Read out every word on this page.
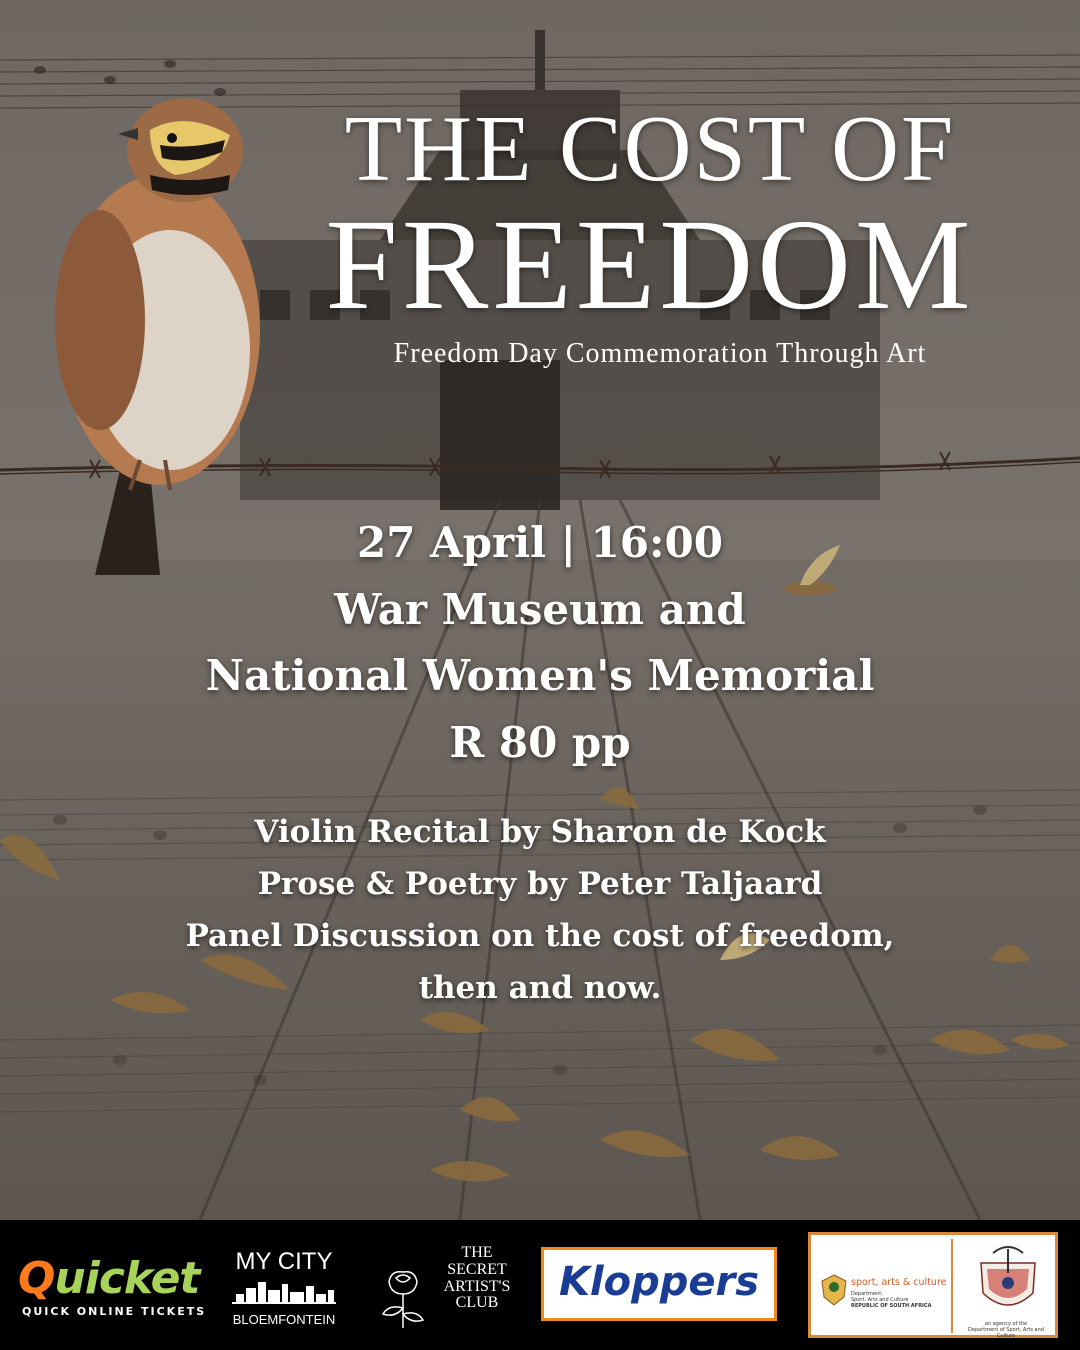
THE COST OF
FREEDOM
Freedom Day Commemoration Through Art
27 April | 16:00
War Museum and
National Women's Memorial
R 80 pp
Violin Recital by Sharon de Kock
Prose & Poetry by Peter Taljaard
Panel Discussion on the cost of freedom,
then and now.
Quicket
QUICK ONLINE TICKETS
MY CITY
BLOEMFONTEIN
THE
SECRET
ARTIST'S
CLUB	Kloppers	sport, arts & culture
Department:
Sport, Arts and Culture
REPUBLIC OF SOUTH AFRICA
an agency of the
Department of Sport, Arts and Culture
